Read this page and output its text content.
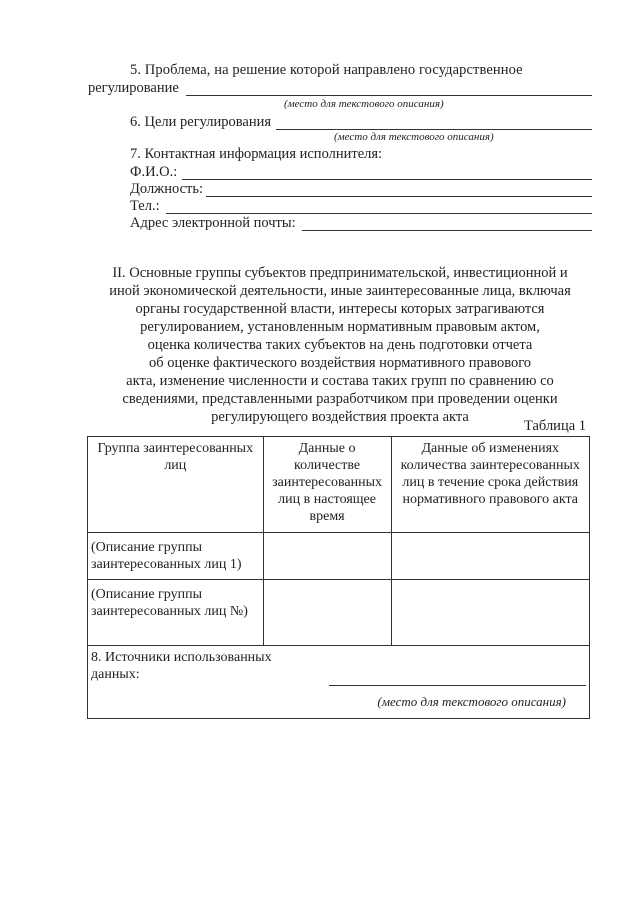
5. Проблема, на решение которой направлено государственное
регулирование
(место для текстового описания)
6. Цели регулирования
(место для текстового описания)
7. Контактная информация исполнителя:
Ф.И.О.:
Должность:
Тел.:
Адрес электронной почты:
II. Основные группы субъектов предпринимательской, инвестиционной и
иной экономической деятельности, иные заинтересованные лица, включая
органы государственной власти, интересы которых затрагиваются
регулированием, установленным нормативным правовым актом,
оценка количества таких субъектов на день подготовки отчета
об оценке фактического воздействия нормативного правового
акта, изменение численности и состава таких групп по сравнению со
сведениями, представленными разработчиком при проведении оценки
регулирующего воздействия проекта акта
Таблица 1
Группа заинтересованных лиц	Данные о количестве заинтересованных лиц в настоящее время	Данные об изменениях количества заинтересованных лиц в течение срока действия нормативного правового акта
(Описание группы заинтересованных лиц 1)		
(Описание группы заинтересованных лиц №)		

8. Источники использованных данных:
(место для текстового описания)		
